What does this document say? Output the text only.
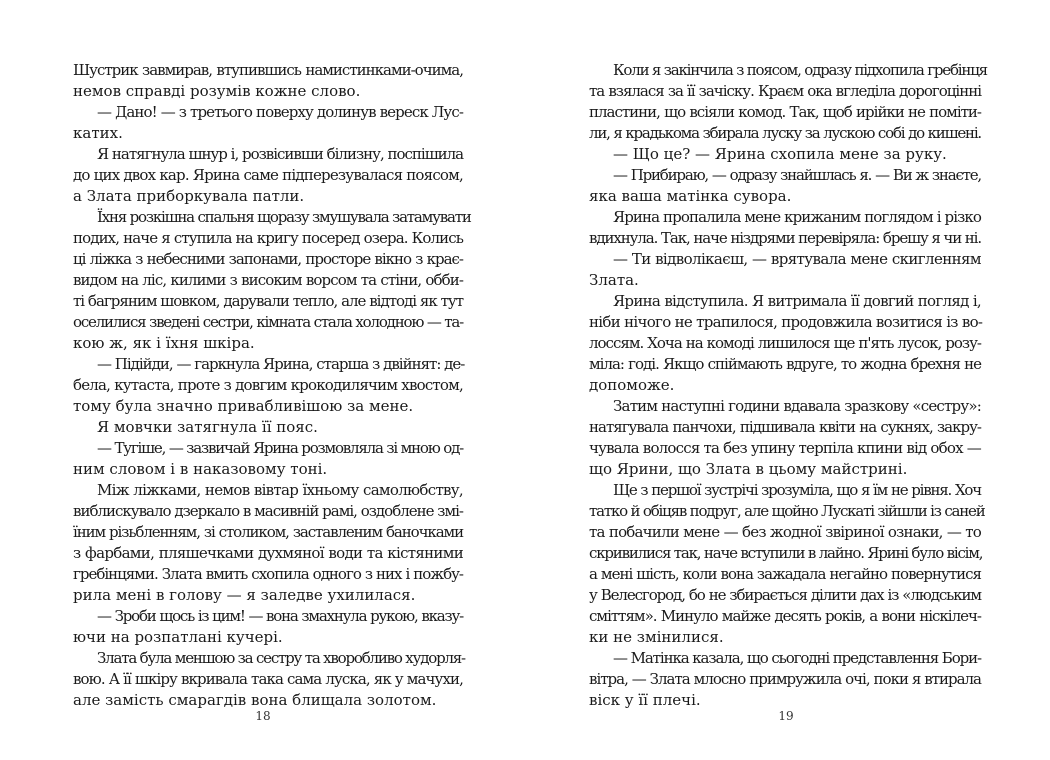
Шустрик завмирав, втупившись намистинками-очима,
немов справді розумів кожне слово.
— Дано! — з третього поверху долинув вереск Лус-
катих.
Я натягнула шнур і, розвісивши білизну, поспішила
до цих двох кар. Ярина саме підперезувалася поясом,
а Злата приборкувала патли.
Їхня розкішна спальня щоразу змушувала затамувати
подих, наче я ступила на кригу посеред озера. Колись
ці ліжка з небесними запонами, просторе вікно з крає-
видом на ліс, килими з високим ворсом та стіни, обби-
ті багряним шовком, дарували тепло, але відтоді як тут
оселилися зведені сестри, кімната стала холодною — та-
кою ж, як і їхня шкіра.
— Підійди, — гаркнула Ярина, старша з двійнят: де-
бела, кутаста, проте з довгим крокодилячим хвостом,
тому була значно привабливішою за мене.
Я мовчки затягнула її пояс.
— Тугіше, — зазвичай Ярина розмовляла зі мною од-
ним словом і в наказовому тоні.
Між ліжками, немов вівтар їхньому самолюбству,
виблискувало дзеркало в масивній рамі, оздоблене змі-
їним різьбленням, зі столиком, заставленим баночками
з фарбами, пляшечками духмяної води та кістяними
гребінцями. Злата вмить схопила одного з них і пожбу-
рила мені в голову — я заледве ухилилася.
— Зроби щось із цим! — вона змахнула рукою, вказу-
ючи на розпатлані кучері.
Злата була меншою за сестру та хворобливо худорля-
вою. А її шкіру вкривала така сама луска, як у мачухи,
але замість смарагдів вона блищала золотом.
18
Коли я закінчила з поясом, одразу підхопила гребінця
та взялася за її зачіску. Краєм ока вгледіла дорогоцінні
пластини, що всіяли комод. Так, щоб ирійки не поміти-
ли, я крадькома збирала луску за лускою собі до кишені.
— Що це? — Ярина схопила мене за руку.
— Прибираю, — одразу знайшлась я. — Ви ж знаєте,
яка ваша матінка сувора.
Ярина пропалила мене крижаним поглядом і різко
вдихнула. Так, наче ніздрями перевіряла: брешу я чи ні.
— Ти відволікаєш, — врятувала мене скигленням
Злата.
Ярина відступила. Я витримала її довгий погляд і,
ніби нічого не трапилося, продовжила возитися із во-
лоссям. Хоча на комоді лишилося ще п'ять лусок, розу-
міла: годі. Якщо спіймають вдруге, то жодна брехня не
допоможе.
Затим наступні години вдавала зразкову «сестру»:
натягувала панчохи, підшивала квіти на сукнях, закру-
чувала волосся та без упину терпіла кпини від обох —
що Ярини, що Злата в цьому майстрині.
Ще з першої зустрічі зрозуміла, що я їм не рівня. Хоч
татко й обіцяв подруг, але щойно Лускаті зійшли із саней
та побачили мене — без жодної звіриної ознаки, — то
скривилися так, наче вступили в лайно. Ярині було вісім,
а мені шість, коли вона зажадала негайно повернутися
у Велесгород, бо не збирається ділити дах із «людським
сміттям». Минуло майже десять років, а вони ніскілеч-
ки не змінилися.
— Матінка казала, що сьогодні представлення Бори-
вітра, — Злата млосно примружила очі, поки я втирала
віск у її плечі.
19
